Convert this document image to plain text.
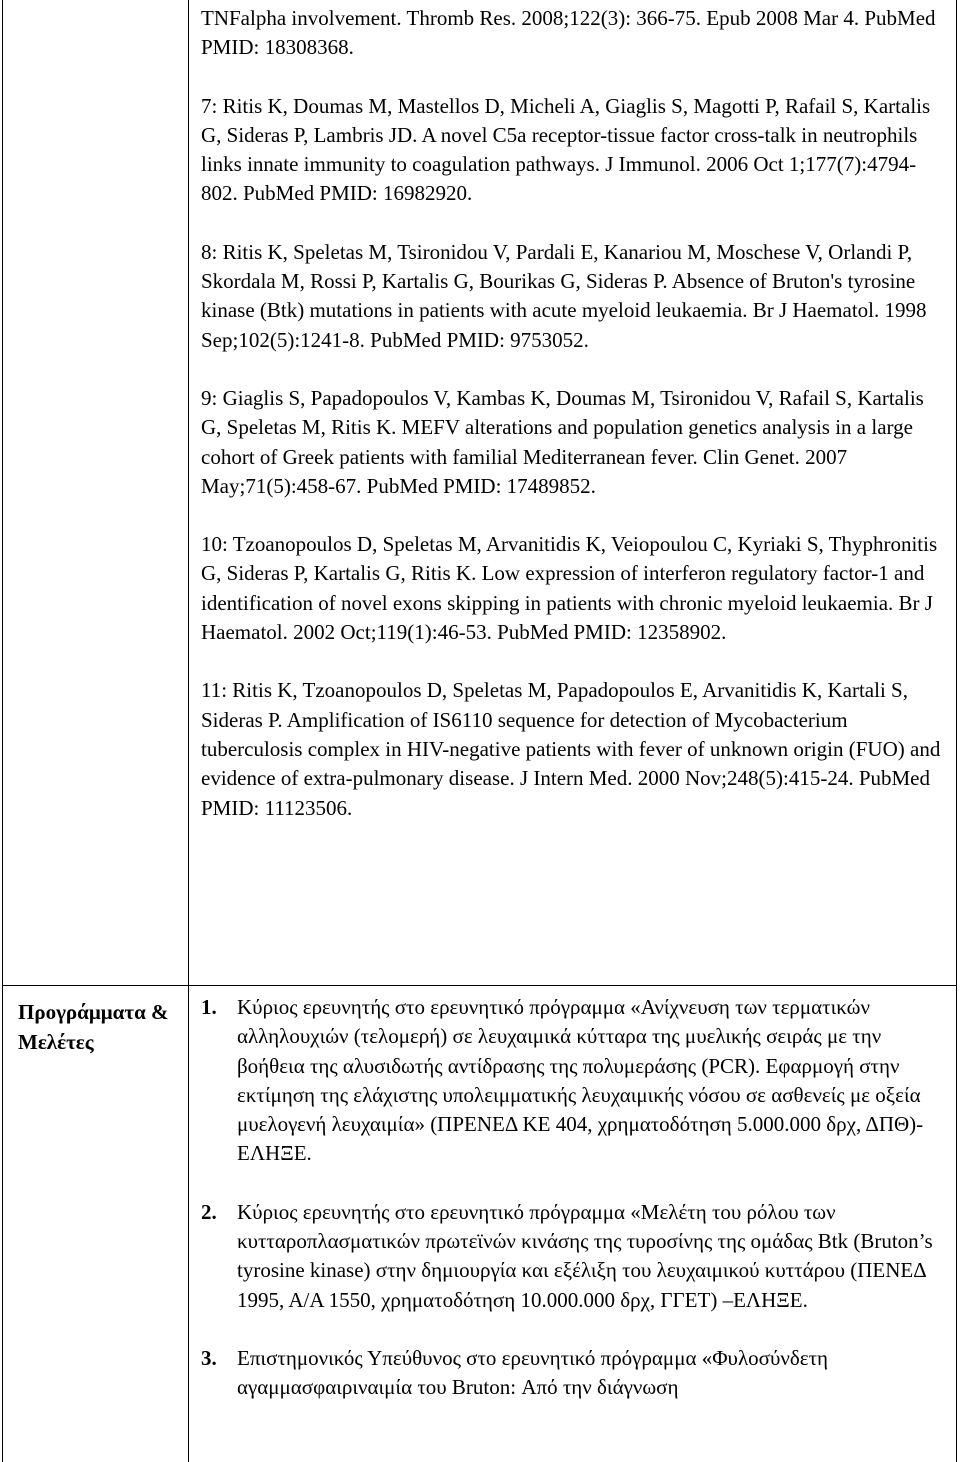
TNFalpha involvement. Thromb Res. 2008;122(3): 366-75. Epub 2008 Mar 4. PubMed PMID: 18308368.

7: Ritis K, Doumas M, Mastellos D, Micheli A, Giaglis S, Magotti P, Rafail S, Kartalis G, Sideras P, Lambris JD. A novel C5a receptor-tissue factor cross-talk in neutrophils links innate immunity to coagulation pathways. J Immunol. 2006 Oct 1;177(7):4794-802. PubMed PMID: 16982920.

8: Ritis K, Speletas M, Tsironidou V, Pardali E, Kanariou M, Moschese V, Orlandi P, Skordala M, Rossi P, Kartalis G, Bourikas G, Sideras P. Absence of Bruton's tyrosine kinase (Btk) mutations in patients with acute myeloid leukaemia. Br J Haematol. 1998 Sep;102(5):1241-8. PubMed PMID: 9753052.

9: Giaglis S, Papadopoulos V, Kambas K, Doumas M, Tsironidou V, Rafail S, Kartalis G, Speletas M, Ritis K. MEFV alterations and population genetics analysis in a large cohort of Greek patients with familial Mediterranean fever. Clin Genet. 2007 May;71(5):458-67. PubMed PMID: 17489852.

10: Tzoanopoulos D, Speletas M, Arvanitidis K, Veiopoulou C, Kyriaki S, Thyphronitis G, Sideras P, Kartalis G, Ritis K. Low expression of interferon regulatory factor-1 and identification of novel exons skipping in patients with chronic myeloid leukaemia. Br J Haematol. 2002 Oct;119(1):46-53. PubMed PMID: 12358902.

11: Ritis K, Tzoanopoulos D, Speletas M, Papadopoulos E, Arvanitidis K, Kartali S, Sideras P. Amplification of IS6110 sequence for detection of Mycobacterium tuberculosis complex in HIV-negative patients with fever of unknown origin (FUO) and evidence of extra-pulmonary disease. J Intern Med. 2000 Nov;248(5):415-24. PubMed PMID: 11123506.

Προγράμματα & Μελέτες
1. Κύριος ερευνητής στο ερευνητικό πρόγραμμα «Ανίχνευση των τερματικών αλληλουχιών (τελομερή) σε λευχαιμικά κύτταρα της μυελικής σειράς με την βοήθεια της αλυσιδωτής αντίδρασης της πολυμεράσης (PCR). Εφαρμογή στην εκτίμηση της ελάχιστης υπολειμματικής λευχαιμικής νόσου σε ασθενείς με οξεία μυελογενή λευχαιμία» (ΠΡΕΝΕΔ ΚΕ 404, χρηματοδότηση 5.000.000 δρχ, ΔΠΘ)- ΕΛΗΞΕ.
2. Κύριος ερευνητής στο ερευνητικό πρόγραμμα «Μελέτη του ρόλου των κυτταροπλασματικών πρωτεϊνών κινάσης της τυροσίνης της ομάδας Btk (Bruton’s tyrosine kinase) στην δημιουργία και εξέλιξη του λευχαιμικού κυττάρου (ΠΕΝΕΔ 1995, Α/Α 1550, χρηματοδότηση 10.000.000 δρχ, ΓΓΕΤ) –ΕΛΗΞΕ.
3. Επιστημονικός Υπεύθυνος στο ερευνητικό πρόγραμμα «Φυλοσύνδετη αγαμμασφαιριναιμία του Bruton: Από την διάγνωση
